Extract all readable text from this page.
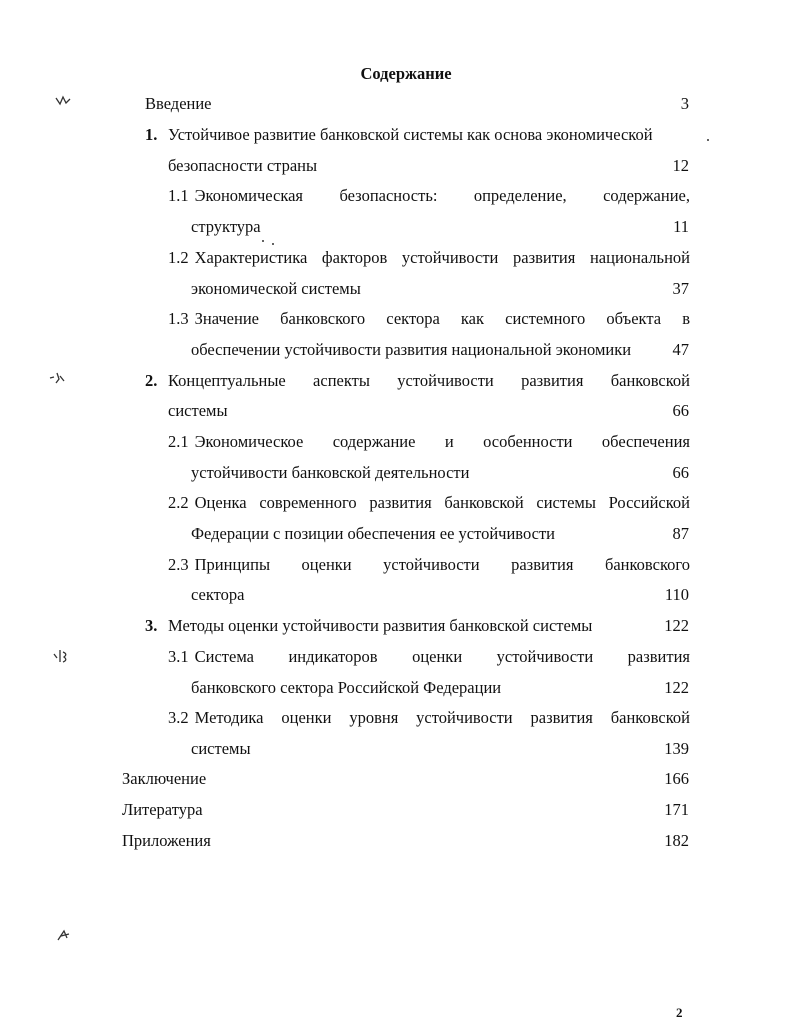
Содержание
Введение	3
1. Устойчивое развитие банковской системы как основа экономической
безопасности страны	12
1.1 Экономическая безопасность: определение, содержание,
структура	11
1.2 Характеристика факторов устойчивости развития национальной
экономической системы	37
1.3 Значение банковского сектора как системного объекта в
обеспечении устойчивости развития национальной экономики	47
2. Концептуальные аспекты устойчивости развития банковской
системы	66
2.1 Экономическое содержание и особенности обеспечения
устойчивости банковской деятельности	66
2.2 Оценка современного развития банковской системы Российской
Федерации с позиции обеспечения ее устойчивости	87
2.3 Принципы оценки устойчивости развития банковского
сектора	110
3. Методы оценки устойчивости развития банковской системы	122
3.1 Система индикаторов оценки устойчивости развития
банковского сектора Российской Федерации	122
3.2 Методика оценки уровня устойчивости развития банковской
системы	139
Заключение	166
Литература	171
Приложения	182
2
